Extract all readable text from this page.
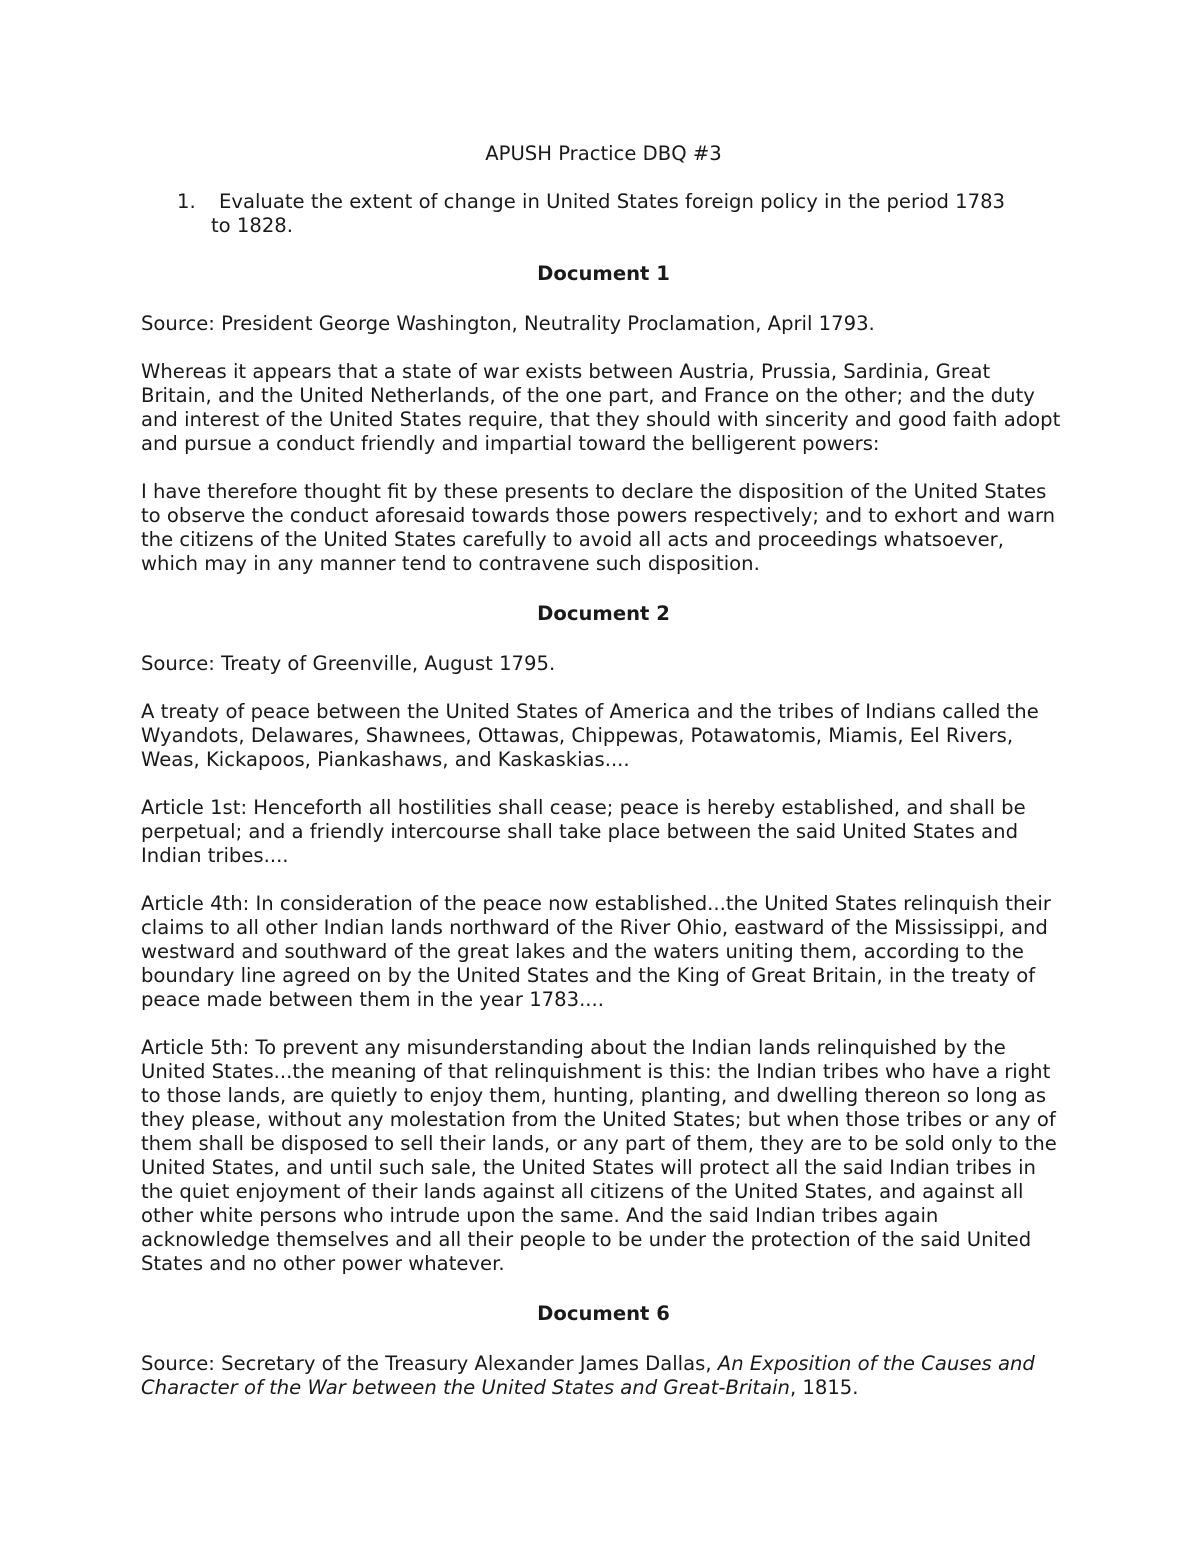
APUSH Practice DBQ #3
1.	Evaluate the extent of change in United States foreign policy in the period 1783
to 1828.
Document 1

Source: President George Washington, Neutrality Proclamation, April 1793.

Whereas it appears that a state of war exists between Austria, Prussia, Sardinia, Great Britain, and the United Netherlands, of the one part, and France on the other; and the duty and interest of the United States require, that they should with sincerity and good faith adopt and pursue a conduct friendly and impartial toward the belligerent powers:

I have therefore thought fit by these presents to declare the disposition of the United States to observe the conduct aforesaid towards those powers respectively; and to exhort and warn the citizens of the United States carefully to avoid all acts and proceedings whatsoever, which may in any manner tend to contravene such disposition.

Document 2

Source: Treaty of Greenville, August 1795.

A treaty of peace between the United States of America and the tribes of Indians called the Wyandots, Delawares, Shawnees, Ottawas, Chippewas, Potawatomis, Miamis, Eel Rivers, Weas, Kickapoos, Piankashaws, and Kaskaskias....

Article 1st: Henceforth all hostilities shall cease; peace is hereby established, and shall be perpetual; and a friendly intercourse shall take place between the said United States and Indian tribes....

Article 4th: In consideration of the peace now established...the United States relinquish their claims to all other Indian lands northward of the River Ohio, eastward of the Mississippi, and westward and southward of the great lakes and the waters uniting them, according to the boundary line agreed on by the United States and the King of Great Britain, in the treaty of peace made between them in the year 1783....

Article 5th: To prevent any misunderstanding about the Indian lands relinquished by the United States...the meaning of that relinquishment is this: the Indian tribes who have a right to those lands, are quietly to enjoy them, hunting, planting, and dwelling thereon so long as they please, without any molestation from the United States; but when those tribes or any of them shall be disposed to sell their lands, or any part of them, they are to be sold only to the United States, and until such sale, the United States will protect all the said Indian tribes in the quiet enjoyment of their lands against all citizens of the United States, and against all other white persons who intrude upon the same. And the said Indian tribes again acknowledge themselves and all their people to be under the protection of the said United States and no other power whatever.

Document 6

Source: Secretary of the Treasury Alexander James Dallas, An Exposition of the Causes and Character of the War between the United States and Great-Britain, 1815.
